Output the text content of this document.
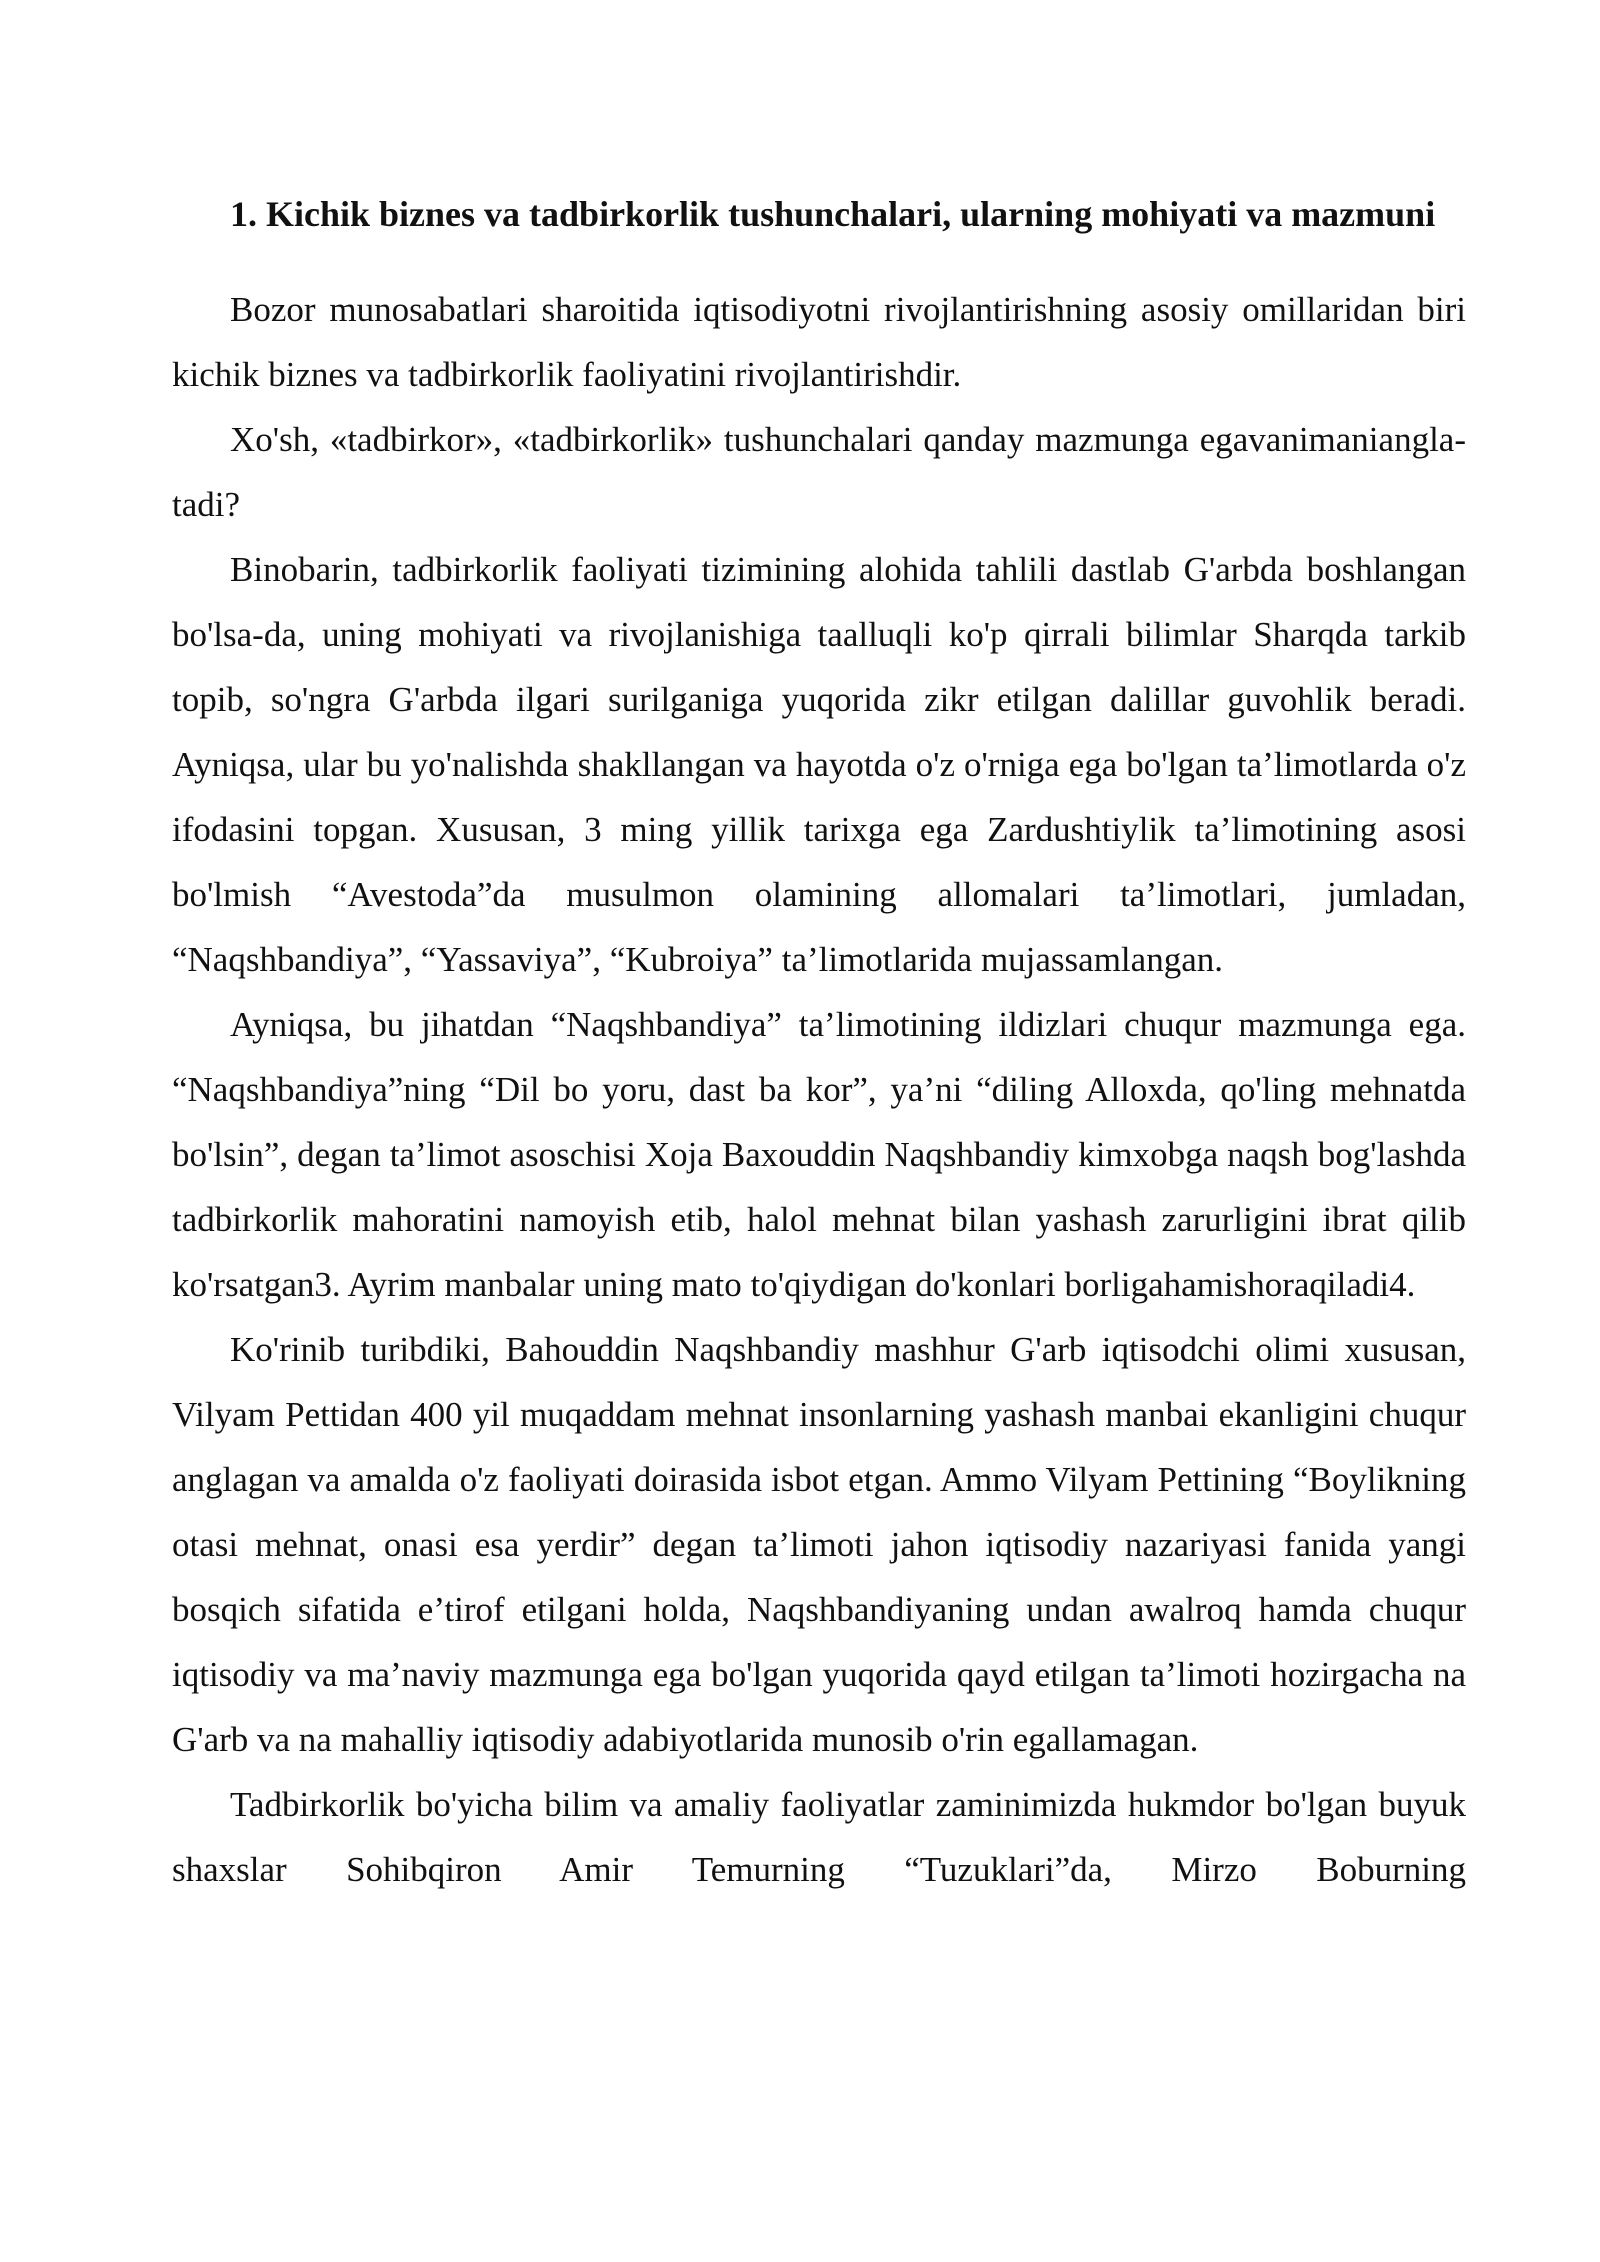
1. Kichik biznes va tadbirkorlik tushunchalari, ularning mohiyati va mazmuni

Bozor munosabatlari sharoitida iqtisodiyotni rivojlantirishning asosiy omillaridan biri kichik biznes va tadbirkorlik faoliyatini rivojlantirishdir.

Xo'sh, «tadbirkor», «tadbirkorlik» tushunchalari qanday mazmunga egavanimanianglatadi?

Binobarin, tadbirkorlik faoliyati tizimining alohida tahlili dastlab G'arbda boshlangan bo'lsa-da, uning mohiyati va rivojlanishiga taalluqli ko'p qirrali bilimlar Sharqda tarkib topib, so'ngra G'arbda ilgari surilganiga yuqorida zikr etilgan dalillar guvohlik beradi. Ayniqsa, ular bu yo'nalishda shakllangan va hayotda o'z o'rniga ega bo'lgan ta’limotlarda o'z ifodasini topgan. Xususan, 3 ming yillik tarixga ega Zardushtiylik ta’limotining asosi bo'lmish “Avestoda”da musulmon olamining allomalari ta’limotlari, jumladan, “Naqshbandiya”, “Yassaviya”, “Kubroiya” ta’limotlarida mujassamlangan.

Ayniqsa, bu jihatdan “Naqshbandiya” ta’limotining ildizlari chuqur mazmunga ega. “Naqshbandiya”ning “Dil bo yoru, dast ba kor”, ya’ni “diling Alloxda, qo'ling mehnatda bo'lsin”, degan ta’limot asoschisi Xoja Baxouddin Naqshbandiy kimxobga naqsh bog'lashda tadbirkorlik mahoratini namoyish etib, halol mehnat bilan yashash zarurligini ibrat qilib ko'rsatgan3. Ayrim manbalar uning mato to'qiydigan do'konlari borligahamishoraqiladi4.

Ko'rinib turibdiki, Bahouddin Naqshbandiy mashhur G'arb iqtisodchi olimi xususan, Vilyam Pettidan 400 yil muqaddam mehnat insonlarning yashash manbai ekanligini chuqur anglagan va amalda o'z faoliyati doirasida isbot etgan. Ammo Vilyam Pettining “Boylikning otasi mehnat, onasi esa yerdir” degan ta’limoti jahon iqtisodiy nazariyasi fanida yangi bosqich sifatida e’tirof etilgani holda, Naqshbandiyaning undan awalroq hamda chuqur iqtisodiy va ma’naviy mazmunga ega bo'lgan yuqorida qayd etilgan ta’limoti hozirgacha na G'arb va na mahalliy iqtisodiy adabiyotlarida munosib o'rin egallamagan.

Tadbirkorlik bo'yicha bilim va amaliy faoliyatlar zaminimizda hukmdor bo'lgan buyuk shaxslar Sohibqiron Amir Temurning “Tuzuklari”da, Mirzo Boburning
